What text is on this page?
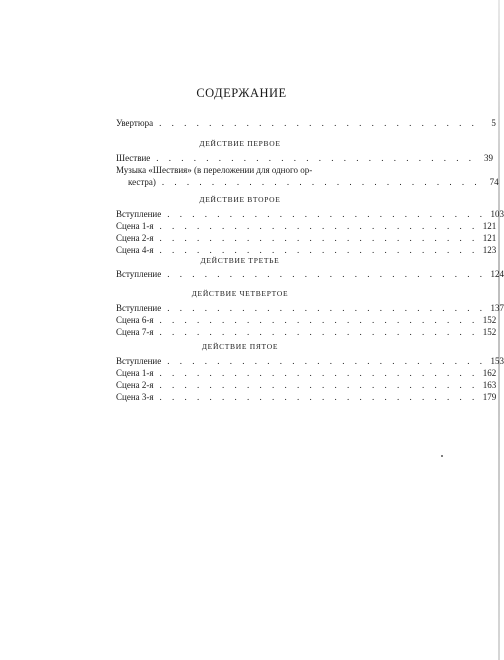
СОДЕРЖАНИЕ
Увертюра . . . . . . . . . . . . . . . . . . . . . . . . . .	5
ДЕЙСТВИЕ ПЕРВОЕ
Шествие . . . . . . . . . . . . . . . . . . . . . . . . . .	39
Музыка «Шествия» (в переложении для одного ор-
кестра) . . . . . . . . . . . . . . . . . . . . . . . . . .	74
ДЕЙСТВИЕ ВТОРОЕ
Вступление . . . . . . . . . . . . . . . . . . . . . . . . . . 103
Сцена 1-я . . . . . . . . . . . . . . . . . . . . . . . . . . 121
Сцена 2-я . . . . . . . . . . . . . . . . . . . . . . . . . . 121
Сцена 4-я . . . . . . . . . . . . . . . . . . . . . . . . . . 123
ДЕЙСТВИЕ ТРЕТЬЕ
Вступление . . . . . . . . . . . . . . . . . . . . . . . . . . 124
ДЕЙСТВИЕ ЧЕТВЕРТОЕ
Вступление . . . . . . . . . . . . . . . . . . . . . . . . . . 137
Сцена 6-я . . . . . . . . . . . . . . . . . . . . . . . . . . 152
Сцена 7-я . . . . . . . . . . . . . . . . . . . . . . . . . . 152
ДЕЙСТВИЕ ПЯТОЕ
Вступление . . . . . . . . . . . . . . . . . . . . . . . . . . 153
Сцена 1-я . . . . . . . . . . . . . . . . . . . . . . . . . . 162
Сцена 2-я . . . . . . . . . . . . . . . . . . . . . . . . . . 163
Сцена 3-я . . . . . . . . . . . . . . . . . . . . . . . . . . 179
